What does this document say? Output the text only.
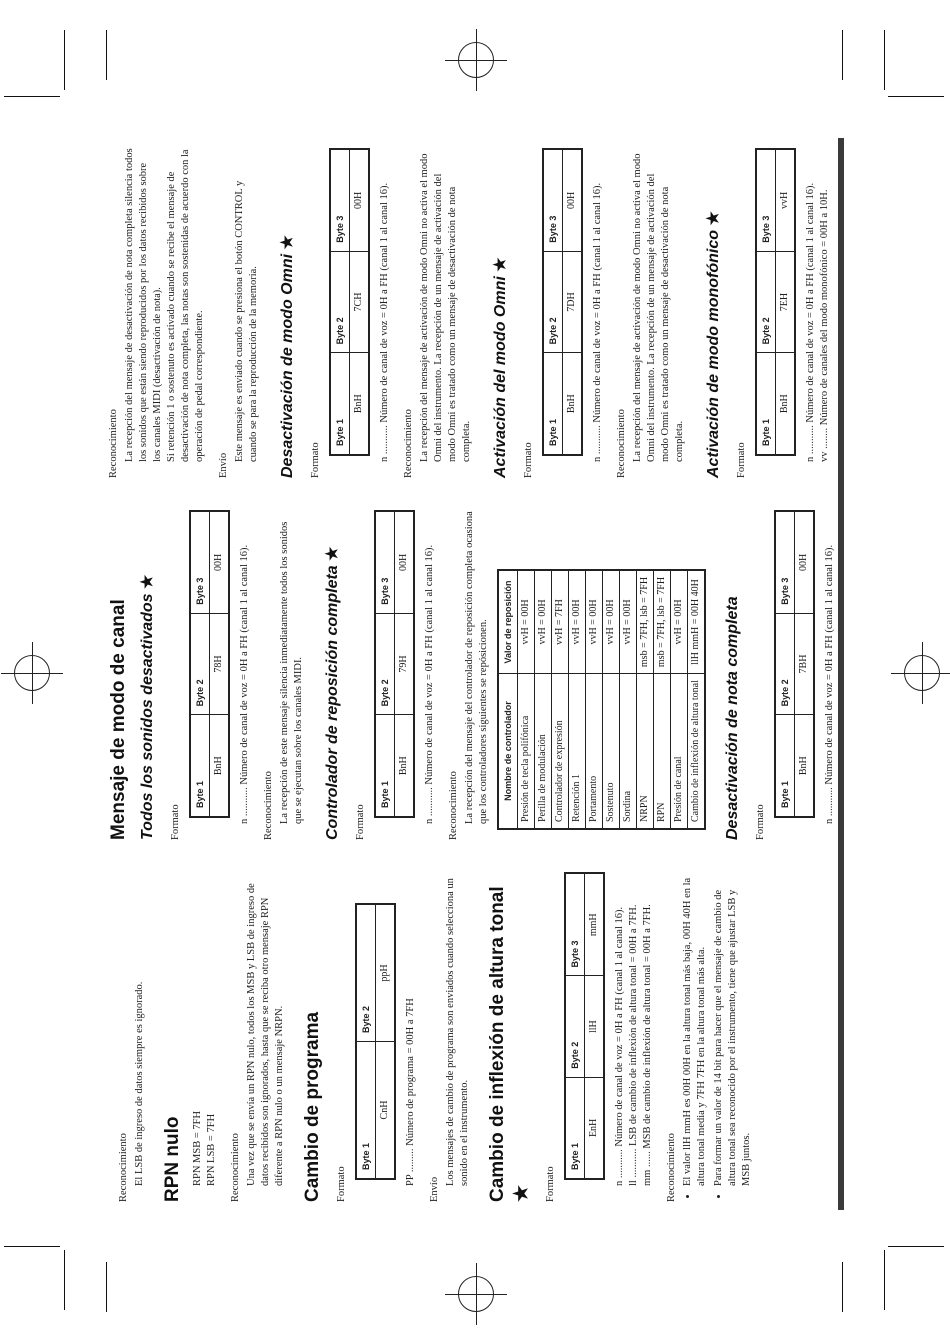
Reconocimiento El LSB de ingreso de datos siempre es ignorado. RPN nulo RPN MSB = 7FH RPN LSB = 7FH Reconocimiento Una vez que se envía un RPN nulo, todos los MSB y LSB de ingreso de datos recibidos son ignorados, hasta que se reciba otro mensaje RPN diferente a RPN nulo o un mensaje NRPN. Cambio de programa Formato
Byte 1	Byte 2
CnH	ppH

PP ......... Número de programa = 00H a 7FH

Envío

Los mensajes de cambio de programa son enviados cuando selecciona un sonido en el instrumento. Cambio de inflexión de altura tonal ★ Formato
Byte 1	Byte 2	Byte 3
EnH	llH	mmH n ........... Número de canal de voz = 0H a FH (canal 1 al canal 16). ll ........... LSB de cambio de inflexión de altura tonal = 00H a 7FH. mm ...... MSB de cambio de inflexión de altura tonal = 00H a 7FH. Reconocimiento • El valor llH mmH es 00H 00H en la altura tonal más baja, 00H 40H en la altura tonal media y 7FH 7FH en la altura tonal más alta. • Para formar un valor de 14 bit para hacer que el mensaje de cambio de altura tonal sea reconocido por el instrumento, tiene que ajustar LSB y MSB juntos.
Mensaje de modo de canal Todos los sonidos desactivados ★
Formato
Byte 1	Byte 2	Byte 3
BnH	78H	00H n ........... Número de canal de voz = 0H a FH (canal 1 al canal 16). Reconocimiento La recepción de este mensaje silencia inmediatamente todos los sonidos que se ejecutan sobre los canales MIDI. Controlador de reposición completa ★
Formato
Byte 1	Byte 2	Byte 3
BnH	79H	00H n ........... Número de canal de voz = 0H a FH (canal 1 al canal 16). Reconocimiento La recepción del mensaje del controlador de reposición completa ocasiona que los controladores siguientes se repósicionen. Nombre de controlador	Valor de reposición
Presión de tecla polifónica	vvH = 00H
Perilla de modulación	vvH = 00H
Controlador de expresión	vvH = 7FH
Retención 1	vvH = 00H
Portamento	vvH = 00H
Sostenuto	vvH = 00H
Sordina	vvH = 00H
NRPN	msb = 7FH, lsb = 7FH
RPN	msb = 7FH, lsb = 7FH
Presión de canal	vvH = 00H
Cambio de inflexión de altura tonal	llH mmH = 00H 40H Desactivación de nota completa Formato
Byte 1	Byte 2	Byte 3
BnH	7BH	00H n ........... Número de canal de voz = 0H a FH (canal 1 al canal 16).

Reconocimiento La recepción del mensaje de desactivación de nota completa silencia todos los sonidos que están siendo reproducidos por los datos recibidos sobre los canales MIDI (desactivación de nota). Si retención 1 o sostenuto es activado cuando se recibe el mensaje de desactivación de nota completa, las notas son sostenidas de acuerdo con la operación de pedal correspondiente.

Envío

Este mensaje es enviado cuando se presiona el botón CONTROL y cuando se para la reproducción de la memoria. Desactivación de modo Omni ★
Formato
Byte 1	Byte 2	Byte 3
BnH	7CH	00H n ........... Número de canal de voz = 0H a FH (canal 1 al canal 16). Reconocimiento La recepción del mensaje de activación de modo Omni no activa el modo Omni del instrumento. La recepción de un mensaje de activación del modo Omni es tratado como un mensaje de desactivación de nota completa. Activación del modo Omni ★
Formato
Byte 1	Byte 2	Byte 3
BnH	7DH	00H n ........... Número de canal de voz = 0H a FH (canal 1 al canal 16). Reconocimiento La recepción del mensaje de activación de modo Omni no activa el modo Omni del instrumento. La recepción de un mensaje de activación del modo Omni es tratado como un mensaje de desactivación de nota completa. Activación de modo monofónico ★
Formato
Byte 1	Byte 2	Byte 3
BnH	7EH	vvH n ........... Número de canal de voz = 0H a FH (canal 1 al canal 16). vv ........ Número de canales del modo monofónico = 00H a 10H.
